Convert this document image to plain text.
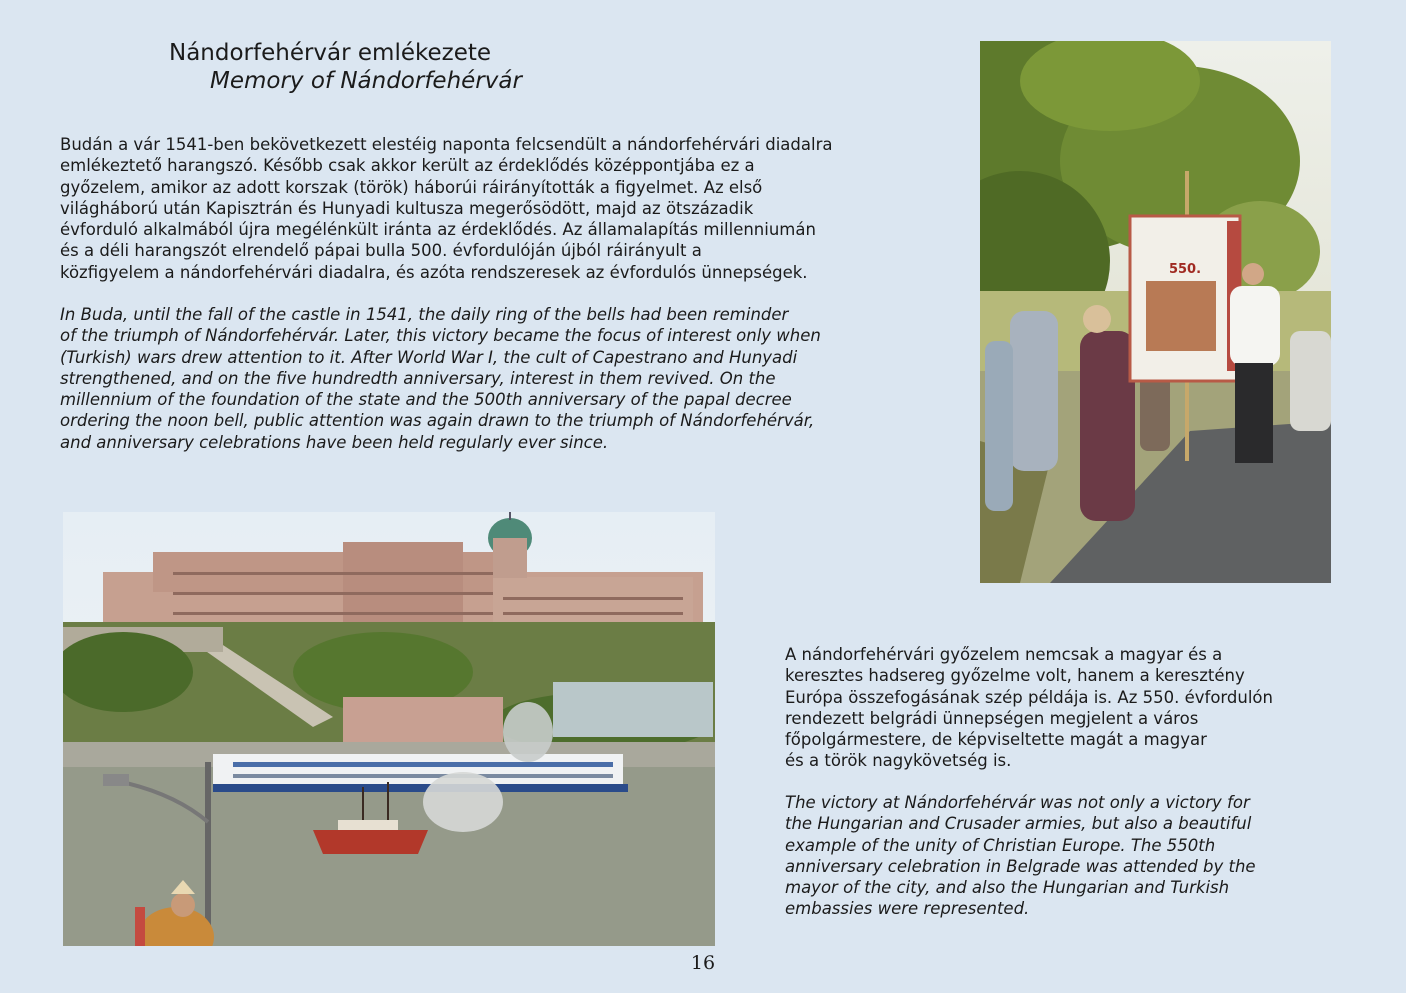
Nándorfehérvár emlékezete
Memory of Nándorfehérvár

Budán a vár 1541-ben bekövetkezett elestéig naponta felcsendült a nándorfehérvári diadalra
emlékeztető harangszó. Később csak akkor került az érdeklődés középpontjába ez a
győzelem, amikor az adott korszak (török) háborúi ráirányították a figyelmet. Az első
világháború után Kapisztrán és Hunyadi kultusza megerősödött, majd az ötszázadik
évforduló alkalmából újra megélénkült iránta az érdeklődés. Az államalapítás millenniumán
és a déli harangszót elrendelő pápai bulla 500. évfordulóján újból ráirányult a
közfigyelem a nándorfehérvári diadalra, és azóta rendszeresek az évfordulós ünnepségek.

In Buda, until the fall of the castle in 1541, the daily ring of the bells had been reminder
of the triumph of Nándorfehérvár. Later, this victory became the focus of interest only when
(Turkish) wars drew attention to it. After World War I, the cult of Capestrano and Hunyadi
strengthened, and on the five hundredth anniversary, interest in them revived. On the
millennium of the foundation of the state and the 500th anniversary of the papal decree
ordering the noon bell, public attention was again drawn to the triumph of Nándorfehérvár,
and anniversary celebrations have been held regularly ever since.

550.

A nándorfehérvári győzelem nemcsak a magyar és a
keresztes hadsereg győzelme volt, hanem a keresztény
Európa összefogásának szép példája is. Az 550. évfordulón
rendezett belgrádi ünnepségen megjelent a város
főpolgármestere, de képviseltette magát a magyar
és a török nagykövetség is.

The victory at Nándorfehérvár was not only a victory for
the Hungarian and Crusader armies, but also a beautiful
example of the unity of Christian Europe. The 550th
anniversary celebration in Belgrade was attended by the
mayor of the city, and also the Hungarian and Turkish
embassies were represented.

16
